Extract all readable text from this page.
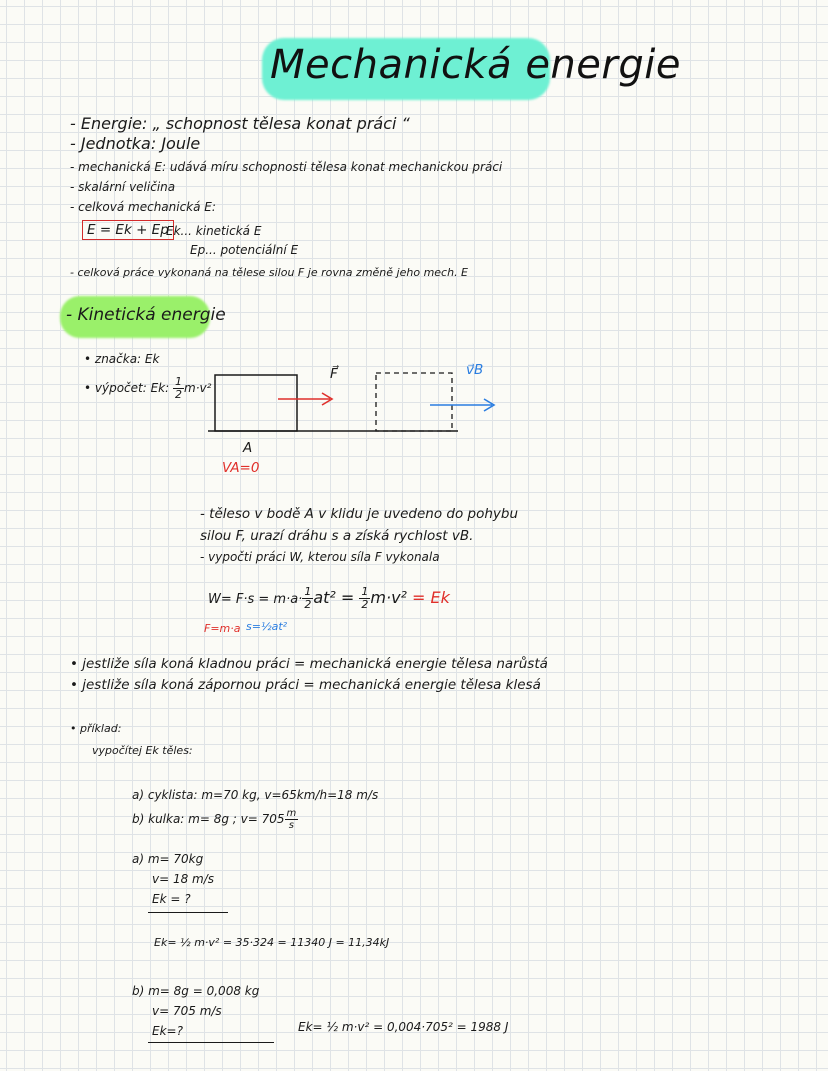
Mechanická energie
- Energie: „ schopnost tělesa konat práci “
- Jednotka: Joule
- mechanická E: udává míru schopnosti tělesa konat mechanickou práci
- skalární veličina
- celková mechanická E:
E = Ek + Ep
Ek... kinetická E
Ep... potenciální E
- celková práce vykonaná na tělese silou F je rovna změně jeho mech. E
- Kinetická energie
• značka: Ek
• výpočet: Ek: $\frac{1}{2} m\cdot v^2$
F⃗	v⃗B
A
VA=0
- těleso v bodě A v klidu je uvedeno do pohybu
silou F, urazí dráhu s a získá rychlost vB.
- vypočti práci W, kterou síla F vykonala
$W= F\cdot s = m\cdot a\cdot \frac{1}{2} at^2 = \frac{1}{2} m\cdot v^2 = Ek$
F=m·a s=½at²
• jestliže síla koná kladnou práci = mechanická energie tělesa narůstá
• jestliže síla koná zápornou práci = mechanická energie tělesa klesá
• příklad:
vypočítej Ek těles:
a) cyklista: m=70 kg, v=65km/h=18 m/s
b) kulka: m= 8g ; $v= 705 \frac{m}{s}$
a) m= 70kg
v= 18 m/s
Ek = ?
Ek= ½ m·v² = 35·324 = 11340 J = 11,34kJ
b) m= 8g = 0,008 kg
v= 705 m/s
Ek=?	Ek= ½ m·v² = 0,004·705² = 1988 J
